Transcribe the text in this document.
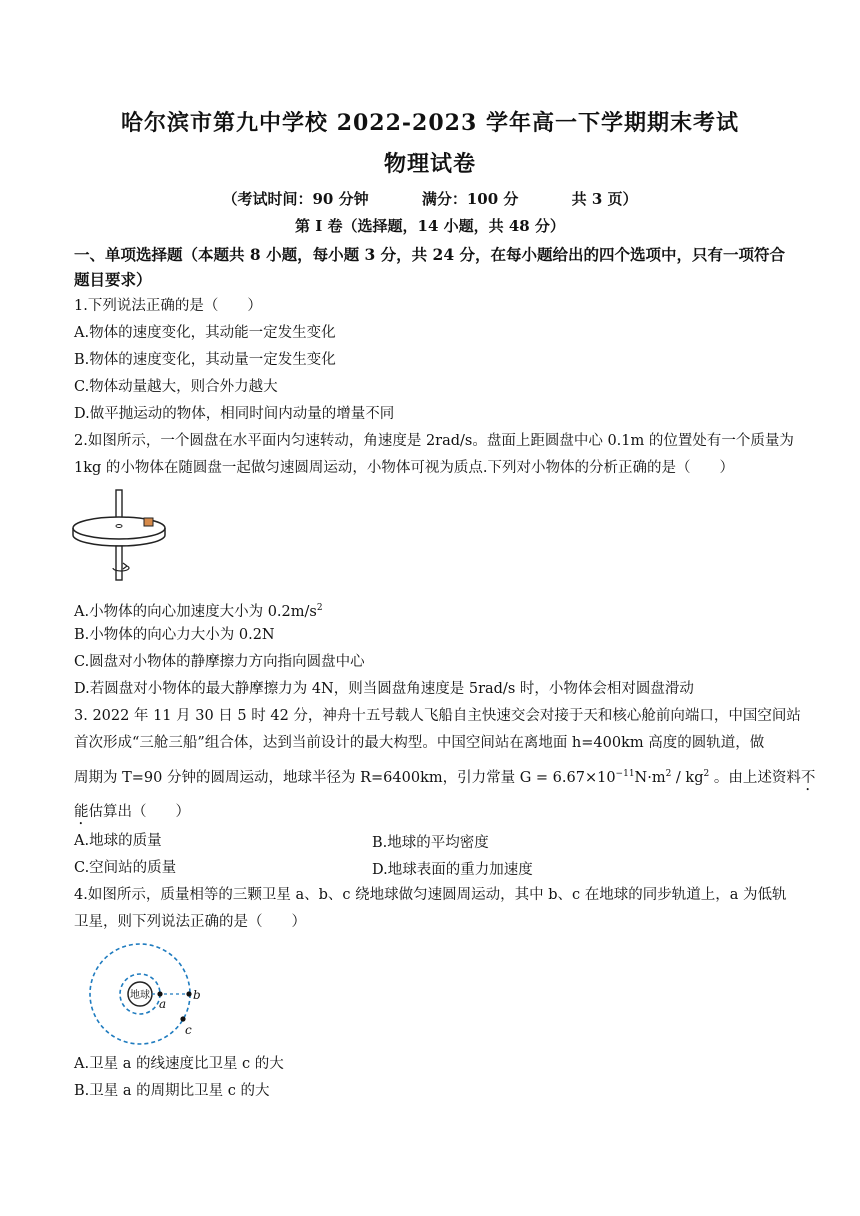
哈尔滨市第九中学校 2022-2023 学年高一下学期期末考试
物理试卷
（考试时间：90 分钟	满分：100 分	共 3 页）
第 I 卷（选择题，14 小题，共 48 分）
一、单项选择题（本题共 8 小题，每小题 3 分，共 24 分，在每小题给出的四个选项中，只有一项符合题目要求）
1.下列说法正确的是（　　）
A.物体的速度变化，其动能一定发生变化
B.物体的速度变化，其动量一定发生变化
C.物体动量越大，则合外力越大
D.做平抛运动的物体，相同时间内动量的增量不同
2.如图所示，一个圆盘在水平面内匀速转动，角速度是 2rad/s。盘面上距圆盘中心 0.1m 的位置处有一个质量为
1kg 的小物体在随圆盘一起做匀速圆周运动，小物体可视为质点.下列对小物体的分析正确的是（　　）
A.小物体的向心加速度大小为 $0.2m/s^2$
B.小物体的向心力大小为 0.2N
C.圆盘对小物体的静摩擦力方向指向圆盘中心
D.若圆盘对小物体的最大静摩擦力为 4N，则当圆盘角速度是 5rad/s 时，小物体会相对圆盘滑动
3. 2022 年 11 月 30 日 5 时 42 分，神舟十五号载人飞船自主快速交会对接于天和核心舱前向端口，中国空间站
首次形成“三舱三船”组合体，达到当前设计的最大构型。中国空间站在离地面 h=400km 高度的圆轨道，做
周期为 T=90 分钟的圆周运动，地球半径为 R=6400km，引力常量 $G = 6.67\times 10^{-11}N\cdot m^2 / kg^2$ 。由上述资料不
能估算出（　　）
A.地球的质量	B.地球的平均密度
C.空间站的质量	D.地球表面的重力加速度
4.如图所示，质量相等的三颗卫星 a、b、c 绕地球做匀速圆周运动，其中 b、c 在地球的同步轨道上，a 为低轨
卫星，则下列说法正确的是（　　）
地球
a
b
c
A.卫星 a 的线速度比卫星 c 的大
B.卫星 a 的周期比卫星 c 的大
